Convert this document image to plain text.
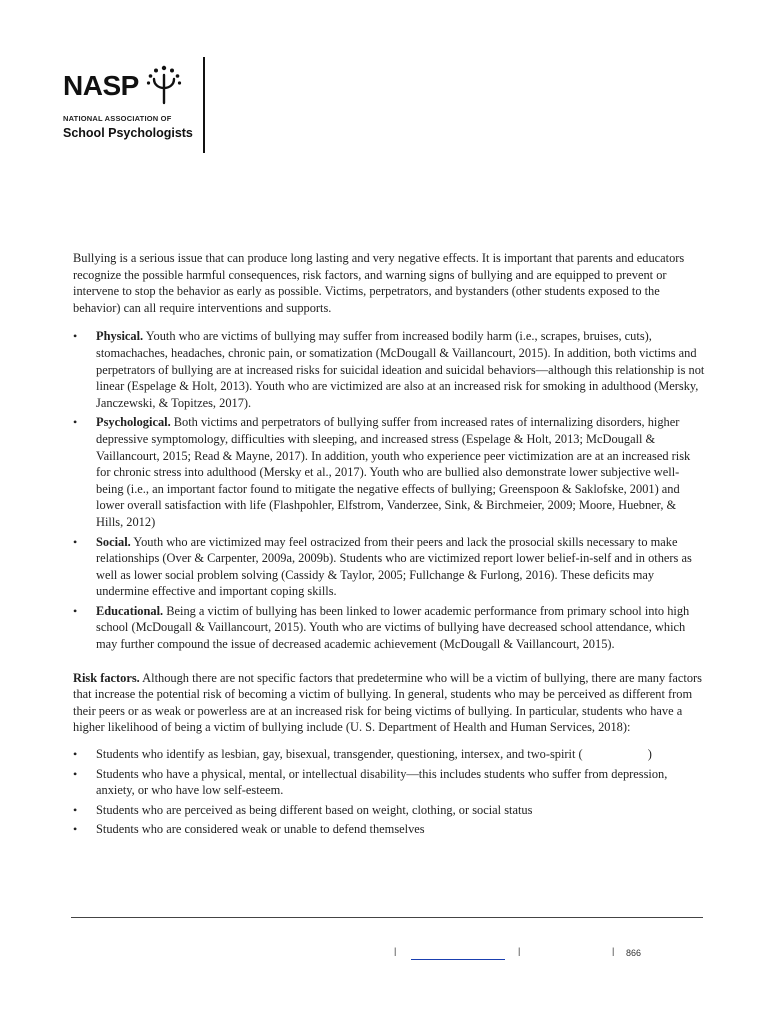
NASP
NATIONAL ASSOCIATION OF
School Psychologists

Bullying is a serious issue that can produce long lasting and very negative effects. It is important that parents and educators recognize the possible harmful consequences, risk factors, and warning signs of bullying and are equipped to prevent or intervene to stop the behavior as early as possible. Victims, perpetrators, and bystanders (other students exposed to the behavior) can all require interventions and supports.

• Physical. Youth who are victims of bullying may suffer from increased bodily harm (i.e., scrapes, bruises, cuts), stomachaches, headaches, chronic pain, or somatization (McDougall & Vaillancourt, 2015). In addition, both victims and perpetrators of bullying are at increased risks for suicidal ideation and suicidal behaviors—although this relationship is not linear (Espelage & Holt, 2013). Youth who are victimized are also at an increased risk for smoking in adulthood (Mersky, Janczewski, & Topitzes, 2017).
• Psychological. Both victims and perpetrators of bullying suffer from increased rates of internalizing disorders, higher depressive symptomology, difficulties with sleeping, and increased stress (Espelage & Holt, 2013; McDougall & Vaillancourt, 2015; Read & Mayne, 2017). In addition, youth who experience peer victimization are at an increased risk for chronic stress into adulthood (Mersky et al., 2017). Youth who are bullied also demonstrate lower subjective well-being (i.e., an important factor found to mitigate the negative effects of bullying; Greenspoon & Saklofske, 2001) and lower overall satisfaction with life (Flashpohler, Elfstrom, Vanderzee, Sink, & Birchmeier, 2009; Moore, Huebner, & Hills, 2012)
• Social. Youth who are victimized may feel ostracized from their peers and lack the prosocial skills necessary to make relationships (Over & Carpenter, 2009a, 2009b). Students who are victimized report lower belief-in-self and in others as well as lower social problem solving (Cassidy & Taylor, 2005; Fullchange & Furlong, 2016). These deficits may undermine effective and important coping skills.
• Educational. Being a victim of bullying has been linked to lower academic performance from primary school into high school (McDougall & Vaillancourt, 2015). Youth who are victims of bullying have decreased school attendance, which may further compound the issue of decreased academic achievement (McDougall & Vaillancourt, 2015).

Risk factors. Although there are not specific factors that predetermine who will be a victim of bullying, there are many factors that increase the potential risk of becoming a victim of bullying. In general, students who may be perceived as different from their peers or as weak or powerless are at an increased risk for being victims of bullying. In particular, students who have a higher likelihood of being a victim of bullying include (U. S. Department of Health and Human Services, 2018):

• Students who identify as lesbian, gay, bisexual, transgender, questioning, intersex, and two-spirit (                     )
• Students who have a physical, mental, or intellectual disability—this includes students who suffer from depression, anxiety, or who have low self-esteem.
• Students who are perceived as being different based on weight, clothing, or social status
• Students who are considered weak or unable to defend themselves
|	|	| 866
